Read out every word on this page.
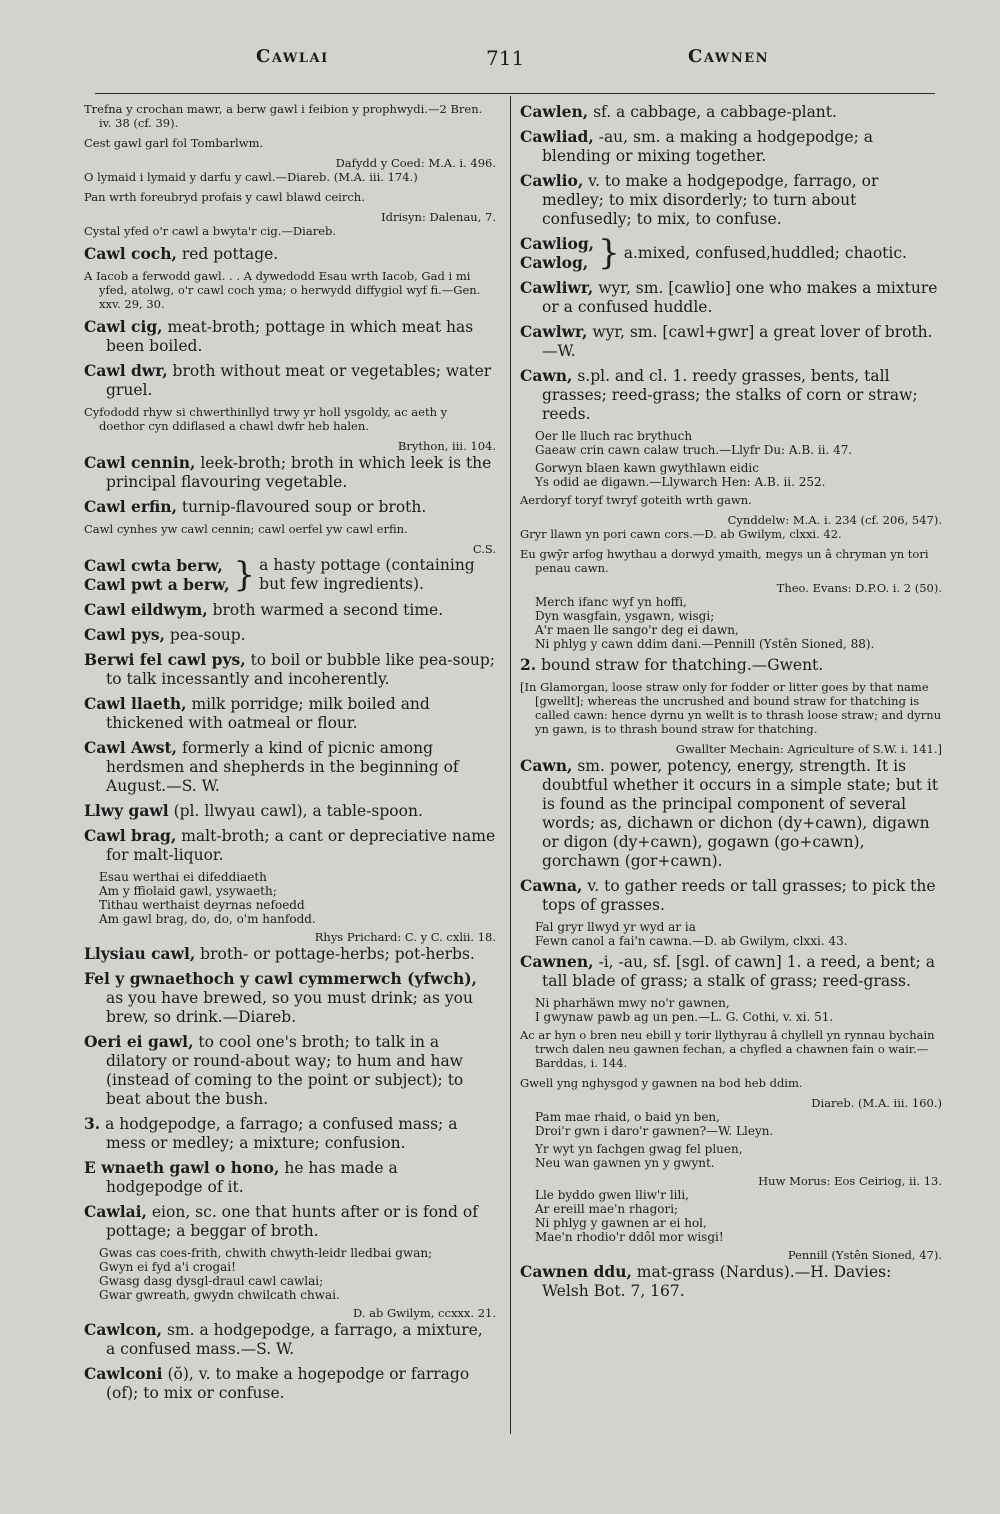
Cawlai	711	Cawnen
Trefna y crochan mawr, a berw gawl i feibion y prophwydi.—2 Bren. iv. 38 (cf. 39).
Cest gawl garl fol Tombarlwm.
Dafydd y Coed: M.A. i. 496.
O lymaid i lymaid y darfu y cawl.—Diareb. (M.A. iii. 174.)
Pan wrth foreubryd profais y cawl blawd ceirch.
Idrisyn: Dalenau, 7.
Cystal yfed o'r cawl a bwyta'r cig.—Diareb.
Cawl coch, red pottage.
A Iacob a ferwodd gawl. . . A dywedodd Esau wrth Iacob, Gad i mi yfed, atolwg, o'r cawl coch yma; o herwydd diffygiol wyf fi.—Gen. xxv. 29, 30.
Cawl cig, meat-broth; pottage in which meat has been boiled.
Cawl dwr, broth without meat or vegetables; water gruel.
Cyfododd rhyw si chwerthinllyd trwy yr holl ysgoldy, ac aeth y doethor cyn ddiflased a chawl dwfr heb halen.
Brython, iii. 104.
Cawl cennin, leek-broth; broth in which leek is the principal flavouring vegetable.
Cawl erfin, turnip-flavoured soup or broth.
Cawl cynhes yw cawl cennin; cawl oerfel yw cawl erfin.
C.S.
Cawl cwta berw,
Cawl pwt a berw, } a hasty pottage (containing
but few ingredients).
Cawl eildwym, broth warmed a second time.
Cawl pys, pea-soup.
Berwi fel cawl pys, to boil or bubble like pea-soup; to talk incessantly and incoherently.
Cawl llaeth, milk porridge; milk boiled and thickened with oatmeal or flour.
Cawl Awst, formerly a kind of picnic among herdsmen and shepherds in the beginning of August.—S. W.
Llwy gawl (pl. llwyau cawl), a table-spoon.
Cawl brag, malt-broth; a cant or depreciative name for malt-liquor.
Esau werthai ei difeddiaeth
Am y ffiolaid gawl, ysywaeth;
Tithau werthaist deyrnas nefoedd
Am gawl brag, do, do, o'm hanfodd.
Rhys Prichard: C. y C. cxlii. 18.
Llysiau cawl, broth- or pottage-herbs; pot-herbs.
Fel y gwnaethoch y cawl cymmerwch (yfwch), as you have brewed, so you must drink; as you brew, so drink.—Diareb.
Oeri ei gawl, to cool one's broth; to talk in a dilatory or round-about way; to hum and haw (instead of coming to the point or subject); to beat about the bush.
3. a hodgepodge, a farrago; a confused mass; a mess or medley; a mixture; confusion.
E wnaeth gawl o hono, he has made a hodgepodge of it.
Cawlai, eion, sc. one that hunts after or is fond of pottage; a beggar of broth.
Gwas cas coes-frith, chwith chwyth-leidr lledbai gwan;
Gwyn ei fyd a'i crogai!
Gwasg dasg dysgl-draul cawl cawlai;
Gwar gwreath, gwydn chwilcath chwai.
D. ab Gwilym, ccxxx. 21.
Cawlcon, sm. a hodgepodge, a farrago, a mixture, a confused mass.—S. W.
Cawlconi (ŏ), v. to make a hogepodge or farrago (of); to mix or confuse.
Cawlen, sf. a cabbage, a cabbage-plant.
Cawliad, -au, sm. a making a hodgepodge; a blending or mixing together.
Cawlio, v. to make a hodgepodge, farrago, or medley; to mix disorderly; to turn about confusedly; to mix, to confuse.
Cawliog,
Cawlog, } a.mixed, confused,huddled; chaotic.
Cawliwr, wyr, sm. [cawlio] one who makes a mixture or a confused huddle.
Cawlwr, wyr, sm. [cawl+gwr] a great lover of broth.—W.
Cawn, s.pl. and cl. 1. reedy grasses, bents, tall grasses; reed-grass; the stalks of corn or straw; reeds.
Oer lle lluch rac brythuch
Gaeaw crin cawn calaw truch.—Llyfr Du: A.B. ii. 47.
Gorwyn blaen kawn gwythlawn eidic
Ys odid ae digawn.—Llywarch Hen: A.B. ii. 252.
Aerdoryf toryf twryf goteith wrth gawn.
Cynddelw: M.A. i. 234 (cf. 206, 547).
Gryr llawn yn pori cawn cors.—D. ab Gwilym, clxxi. 42.
Eu gwŷr arfog hwythau a dorwyd ymaith, megys un â chryman yn tori penau cawn.
Theo. Evans: D.P.O. i. 2 (50).
Merch ifanc wyf yn hoffi,
Dyn wasgfain, ysgawn, wisgi;
A'r maen lle sango'r deg ei dawn,
Ni phlyg y cawn ddim dani.—Pennill (Ystên Sioned, 88).
2. bound straw for thatching.—Gwent.
[In Glamorgan, loose straw only for fodder or litter goes by that name [gwellt]; whereas the uncrushed and bound straw for thatching is called cawn: hence dyrnu yn wellt is to thrash loose straw; and dyrnu yn gawn, is to thrash bound straw for thatching.
Gwallter Mechain: Agriculture of S.W. i. 141.]
Cawn, sm. power, potency, energy, strength. It is doubtful whether it occurs in a simple state; but it is found as the principal component of several words; as, dichawn or dichon (dy+cawn), digawn or digon (dy+cawn), gogawn (go+cawn), gorchawn (gor+cawn).
Cawna, v. to gather reeds or tall grasses; to pick the tops of grasses.
Fal gryr llwyd yr wyd ar ia
Fewn canol a fai'n cawna.—D. ab Gwilym, clxxi. 43.
Cawnen, -i, -au, sf. [sgl. of cawn] 1. a reed, a bent; a tall blade of grass; a stalk of grass; reed-grass.
Ni pharhäwn mwy no'r gawnen,
I gwynaw pawb ag un pen.—L. G. Cothi, v. xi. 51.
Ac ar hyn o bren neu ebill y torir llythyrau â chyllell yn rynnau bychain trwch dalen neu gawnen fechan, a chyfled a chawnen fain o wair.—Barddas, i. 144.
Gwell yng nghysgod y gawnen na bod heb ddim.
Diareb. (M.A. iii. 160.)
Pam mae rhaid, o baid yn ben,
Droi'r gwn i daro'r gawnen?—W. Lleyn.
Yr wyt yn fachgen gwag fel pluen,
Neu wan gawnen yn y gwynt.
Huw Morus: Eos Ceiriog, ii. 13.
Lle byddo gwen lliw'r lili,
Ar ereill mae'n rhagori;
Ni phlyg y gawnen ar ei hol,
Mae'n rhodio'r ddôl mor wisgi!
Pennill (Ystên Sioned, 47).
Cawnen ddu, mat-grass (Nardus).—H. Davies: Welsh Bot. 7, 167.
